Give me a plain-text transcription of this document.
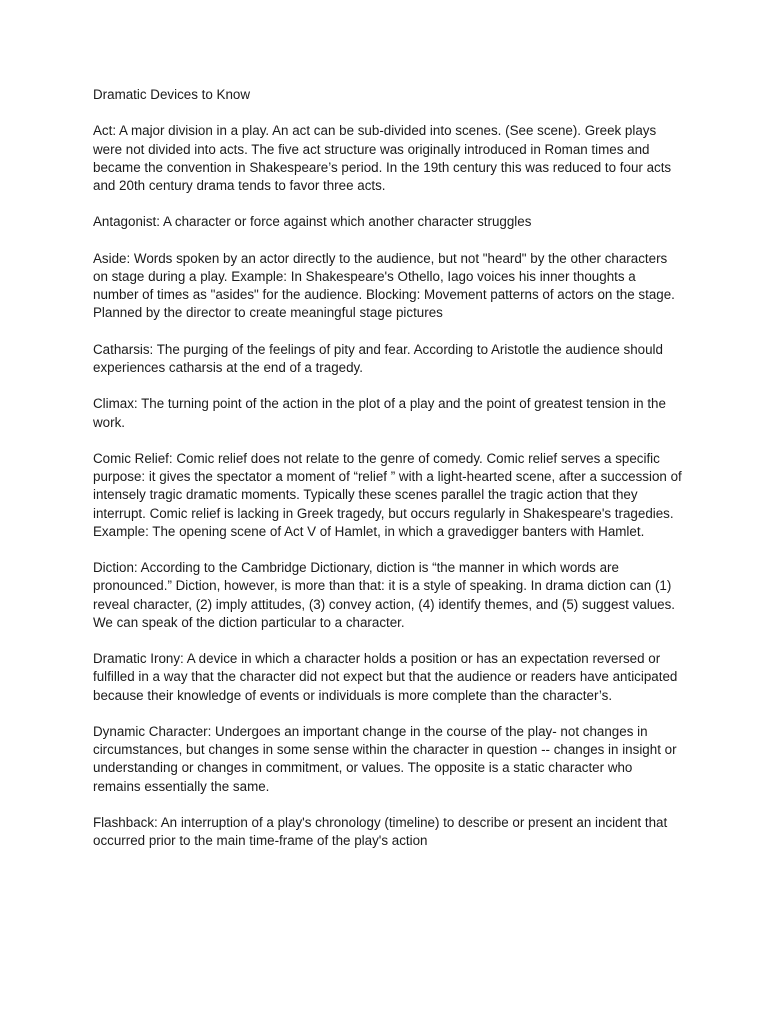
Dramatic Devices to Know

Act: A major division in a play. An act can be sub-divided into scenes. (See scene). Greek plays were not divided into acts. The five act structure was originally introduced in Roman times and became the convention in Shakespeare’s period. In the 19th century this was reduced to four acts and 20th century drama tends to favor three acts.

Antagonist: A character or force against which another character struggles

Aside: Words spoken by an actor directly to the audience, but not "heard" by the other characters on stage during a play. Example: In Shakespeare's Othello, Iago voices his inner thoughts a number of times as "asides" for the audience. Blocking: Movement patterns of actors on the stage. Planned by the director to create meaningful stage pictures

Catharsis: The purging of the feelings of pity and fear. According to Aristotle the audience should experiences catharsis at the end of a tragedy.

Climax: The turning point of the action in the plot of a play and the point of greatest tension in the work.

Comic Relief: Comic relief does not relate to the genre of comedy. Comic relief serves a specific purpose: it gives the spectator a moment of “relief ” with a light-hearted scene, after a succession of intensely tragic dramatic moments. Typically these scenes parallel the tragic action that they interrupt. Comic relief is lacking in Greek tragedy, but occurs regularly in Shakespeare's tragedies. Example: The opening scene of Act V of Hamlet, in which a gravedigger banters with Hamlet.

Diction: According to the Cambridge Dictionary, diction is “the manner in which words are pronounced.” Diction, however, is more than that: it is a style of speaking. In drama diction can (1) reveal character, (2) imply attitudes, (3) convey action, (4) identify themes, and (5) suggest values. We can speak of the diction particular to a character.

Dramatic Irony: A device in which a character holds a position or has an expectation reversed or fulfilled in a way that the character did not expect but that the audience or readers have anticipated because their knowledge of events or individuals is more complete than the character’s.

Dynamic Character: Undergoes an important change in the course of the play- not changes in circumstances, but changes in some sense within the character in question -- changes in insight or understanding or changes in commitment, or values. The opposite is a static character who remains essentially the same.

Flashback: An interruption of a play's chronology (timeline) to describe or present an incident that occurred prior to the main time-frame of the play's action
